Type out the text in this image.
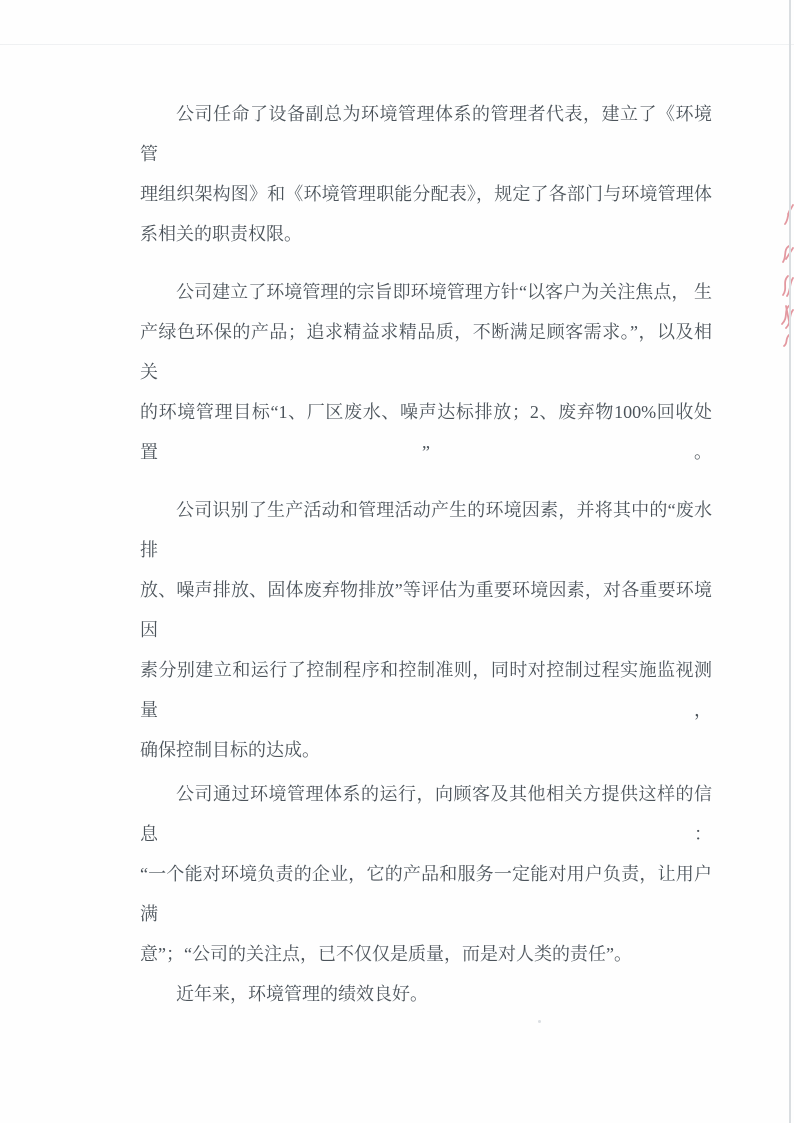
公司任命了设备副总为环境管理体系的管理者代表，建立了《环境管
理组织架构图》和《环境管理职能分配表》，规定了各部门与环境管理体
系相关的职责权限。
公司建立了环境管理的宗旨即环境管理方针“以客户为关注焦点， 生
产绿色环保的产品；追求精益求精品质，不断满足顾客需求。”，以及相关
的环境管理目标“1、厂区废水、噪声达标排放；2、废弃物100%回收处置”。
公司识别了生产活动和管理活动产生的环境因素，并将其中的“废水排
放、噪声排放、固体废弃物排放”等评估为重要环境因素，对各重要环境因
素分别建立和运行了控制程序和控制准则，同时对控制过程实施监视测量，
确保控制目标的达成。
公司通过环境管理体系的运行，向顾客及其他相关方提供这样的信息：
“一个能对环境负责的企业，它的产品和服务一定能对用户负责，让用户满
意”；“公司的关注点，已不仅仅是质量，而是对人类的责任”。
近年来，环境管理的绩效良好。
